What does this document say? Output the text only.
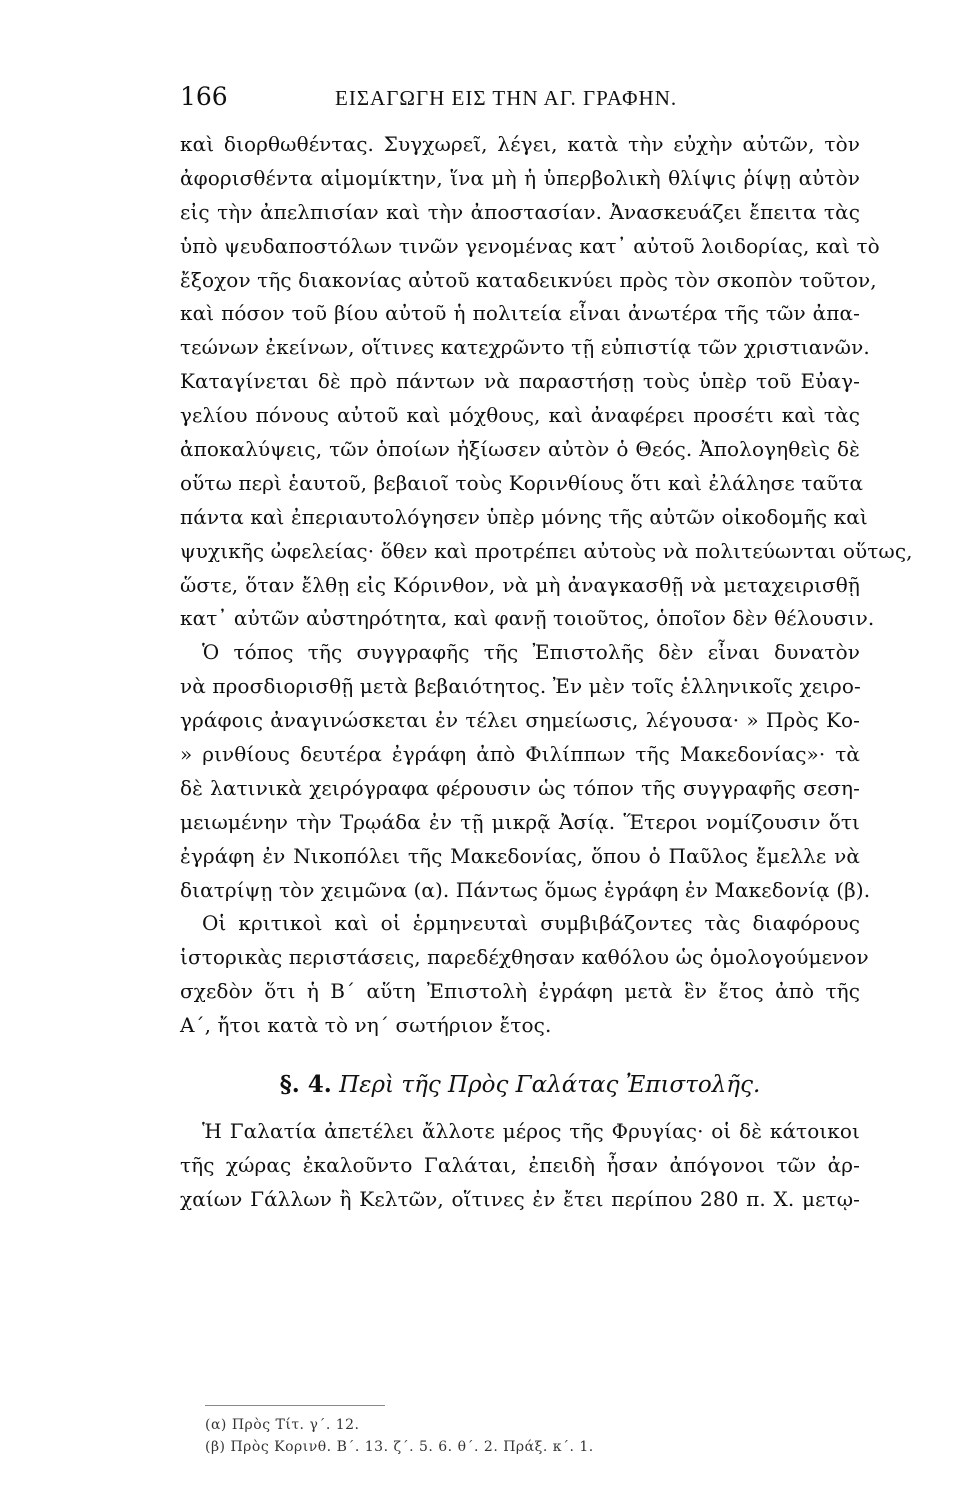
166	ΕΙΣΑΓΩΓΗ ΕΙΣ ΤΗΝ ΑΓ. ΓΡΑΦΗΝ.
καὶ διορθωθέντας. Συγχωρεῖ, λέγει, κατὰ τὴν εὐχὴν αὐτῶν, τὸν
ἀφορισθέντα αἱμομίκτην, ἵνα μὴ ἡ ὑπερβολικὴ θλίψις ῥίψῃ αὐτὸν
εἰς τὴν ἀπελπισίαν καὶ τὴν ἀποστασίαν. Ἀνασκευάζει ἔπειτα τὰς
ὑπὸ ψευδαποστόλων τινῶν γενομένας κατ᾽ αὐτοῦ λοιδορίας, καὶ τὸ
ἔξοχον τῆς διακονίας αὐτοῦ καταδεικνύει πρὸς τὸν σκοπὸν τοῦτον,
καὶ πόσον τοῦ βίου αὐτοῦ ἡ πολιτεία εἶναι ἀνωτέρα τῆς τῶν ἀπα-
τεώνων ἐκείνων, οἵτινες κατεχρῶντο τῇ εὐπιστίᾳ τῶν χριστιανῶν.
Καταγίνεται δὲ πρὸ πάντων νὰ παραστήσῃ τοὺς ὑπὲρ τοῦ Εὐαγ-
γελίου πόνους αὐτοῦ καὶ μόχθους, καὶ ἀναφέρει προσέτι καὶ τὰς
ἀποκαλύψεις, τῶν ὁποίων ἠξίωσεν αὐτὸν ὁ Θεός. Ἀπολογηθεὶς δὲ
οὕτω περὶ ἑαυτοῦ, βεβαιοῖ τοὺς Κορινθίους ὅτι καὶ ἐλάλησε ταῦτα
πάντα καὶ ἐπεριαυτολόγησεν ὑπὲρ μόνης τῆς αὐτῶν οἰκοδομῆς καὶ
ψυχικῆς ὠφελείας· ὅθεν καὶ προτρέπει αὐτοὺς νὰ πολιτεύωνται οὕτως,
ὥστε, ὅταν ἔλθῃ εἰς Κόρινθον, νὰ μὴ ἀναγκασθῇ νὰ μεταχειρισθῇ
κατ᾽ αὐτῶν αὐστηρότητα, καὶ φανῇ τοιοῦτος, ὁποῖον δὲν θέλουσιν.
Ὁ τόπος τῆς συγγραφῆς τῆς Ἐπιστολῆς δὲν εἶναι δυνατὸν
νὰ προσδιορισθῇ μετὰ βεβαιότητος. Ἐν μὲν τοῖς ἑλληνικοῖς χειρο-
γράφοις ἀναγινώσκεται ἐν τέλει σημείωσις, λέγουσα· » Πρὸς Κο-
» ρινθίους δευτέρα ἐγράφη ἀπὸ Φιλίππων τῆς Μακεδονίας»· τὰ
δὲ λατινικὰ χειρόγραφα φέρουσιν ὡς τόπον τῆς συγγραφῆς σεση-
μειωμένην τὴν Τρῳάδα ἐν τῇ μικρᾷ Ἀσίᾳ. Ἕτεροι νομίζουσιν ὅτι
ἐγράφη ἐν Νικοπόλει τῆς Μακεδονίας, ὅπου ὁ Παῦλος ἔμελλε νὰ
διατρίψῃ τὸν χειμῶνα (α). Πάντως ὅμως ἐγράφη ἐν Μακεδονίᾳ (β).
Οἱ κριτικοὶ καὶ οἱ ἑρμηνευταὶ συμβιβάζοντες τὰς διαφόρους
ἱστορικὰς περιστάσεις, παρεδέχθησαν καθόλου ὡς ὁμολογούμενον
σχεδὸν ὅτι ἡ Β´ αὕτη Ἐπιστολὴ ἐγράφη μετὰ ἓν ἔτος ἀπὸ τῆς
Α´, ἤτοι κατὰ τὸ νη´ σωτήριον ἔτος.
§. 4. Περὶ τῆς Πρὸς Γαλάτας Ἐπιστολῆς.
Ἡ Γαλατία ἀπετέλει ἄλλοτε μέρος τῆς Φρυγίας· οἱ δὲ κάτοικοι
τῆς χώρας ἐκαλοῦντο Γαλάται, ἐπειδὴ ἦσαν ἀπόγονοι τῶν ἀρ-
χαίων Γάλλων ἢ Κελτῶν, οἵτινες ἐν ἔτει περίπου 280 π. Χ. μετῳ-
(α) Πρὸς Τίτ. γ´. 12.
(β) Πρὸς Κορινθ. Β´. 13. ζ´. 5. 6. θ´. 2. Πράξ. κ´. 1.
